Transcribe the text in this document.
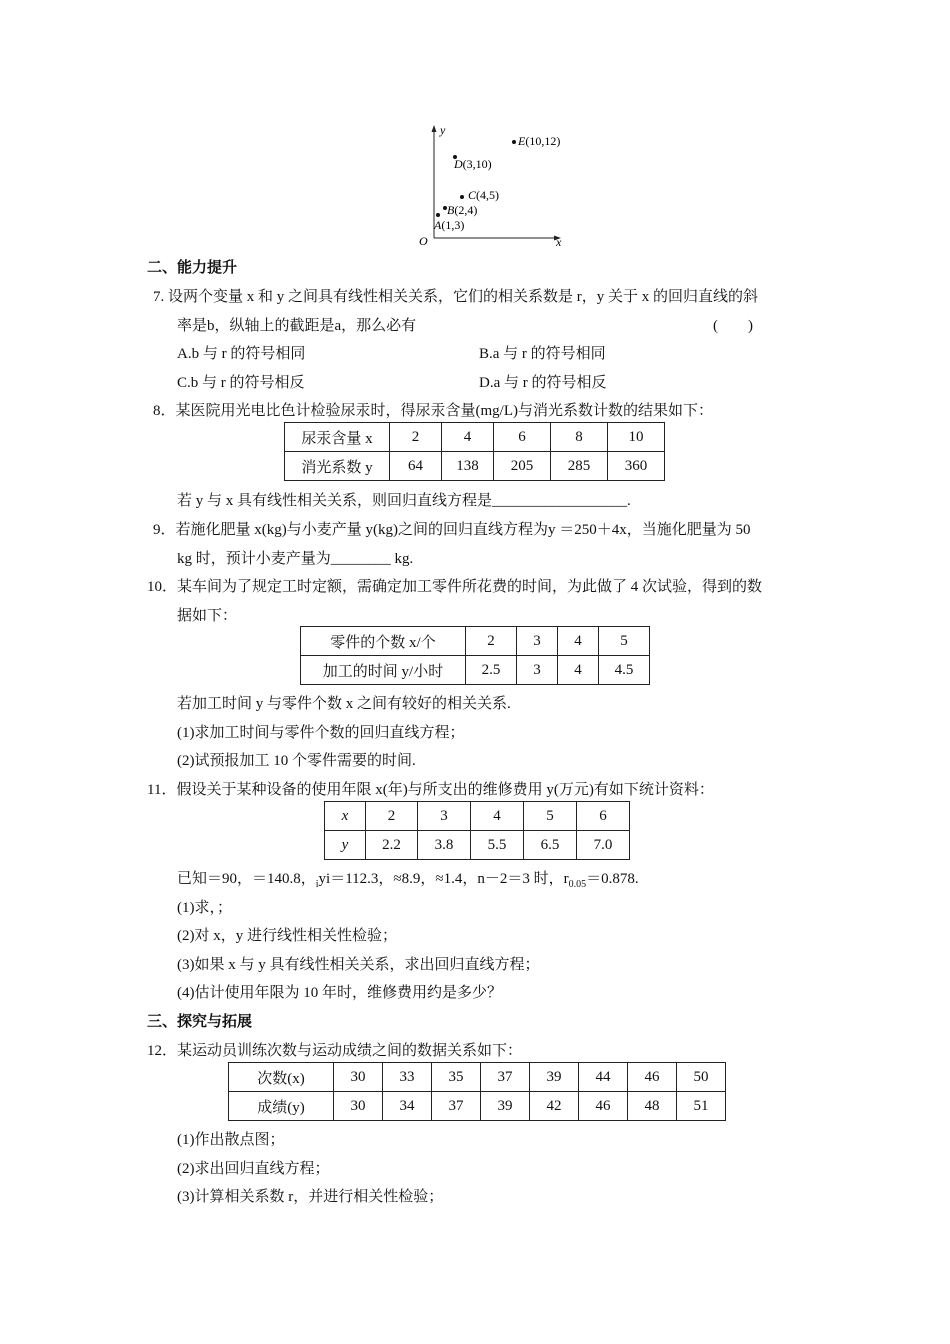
y
x
O
A(1,3)
B(2,4)
C(4,5)
D(3,10)
E(10,12)
二、能力提升
7. 设两个变量 x 和 y 之间具有线性相关关系，它们的相关系数是 r，y 关于 x 的回归直线的斜
率是b，纵轴上的截距是a，那么必有	(　　)
A.b 与 r 的符号相同	B.a 与 r 的符号相同
C.b 与 r 的符号相反	D.a 与 r 的符号相反
8．某医院用光电比色计检验尿汞时，得尿汞含量(mg/L)与消光系数计数的结果如下：
尿汞含量 x	2	4	6	8	10
消光系数 y	64	138	205	285	360
若 y 与 x 具有线性相关关系，则回归直线方程是__________________.
9．若施化肥量 x(kg)与小麦产量 y(kg)之间的回归直线方程为y ＝250＋4x，当施化肥量为 50
kg 时，预计小麦产量为________ kg.
10．某车间为了规定工时定额，需确定加工零件所花费的时间，为此做了 4 次试验，得到的数
据如下：
零件的个数 x/个	2	3	4	5
加工的时间 y/小时	2.5	3	4	4.5
若加工时间 y 与零件个数 x 之间有较好的相关关系.
(1)求加工时间与零件个数的回归直线方程；
(2)试预报加工 10 个零件需要的时间.
11．假设关于某种设备的使用年限 x(年)与所支出的维修费用 y(万元)有如下统计资料：
x	2	3	4	5	6
y	2.2	3.8	5.5	6.5	7.0
已知＝90，＝140.8，$_i$yi＝112.3，≈8.9，≈1.4，n－2＝3 时，$r_{0.05}=0.878$.
(1)求，；
(2)对 x，y 进行线性相关性检验；
(3)如果 x 与 y 具有线性相关关系，求出回归直线方程；
(4)估计使用年限为 10 年时，维修费用约是多少？
三、探究与拓展
12．某运动员训练次数与运动成绩之间的数据关系如下：
次数(x)	30	33	35	37	39	44	46	50
成绩(y)	30	34	37	39	42	46	48	51
(1)作出散点图；
(2)求出回归直线方程；
(3)计算相关系数 r，并进行相关性检验；
